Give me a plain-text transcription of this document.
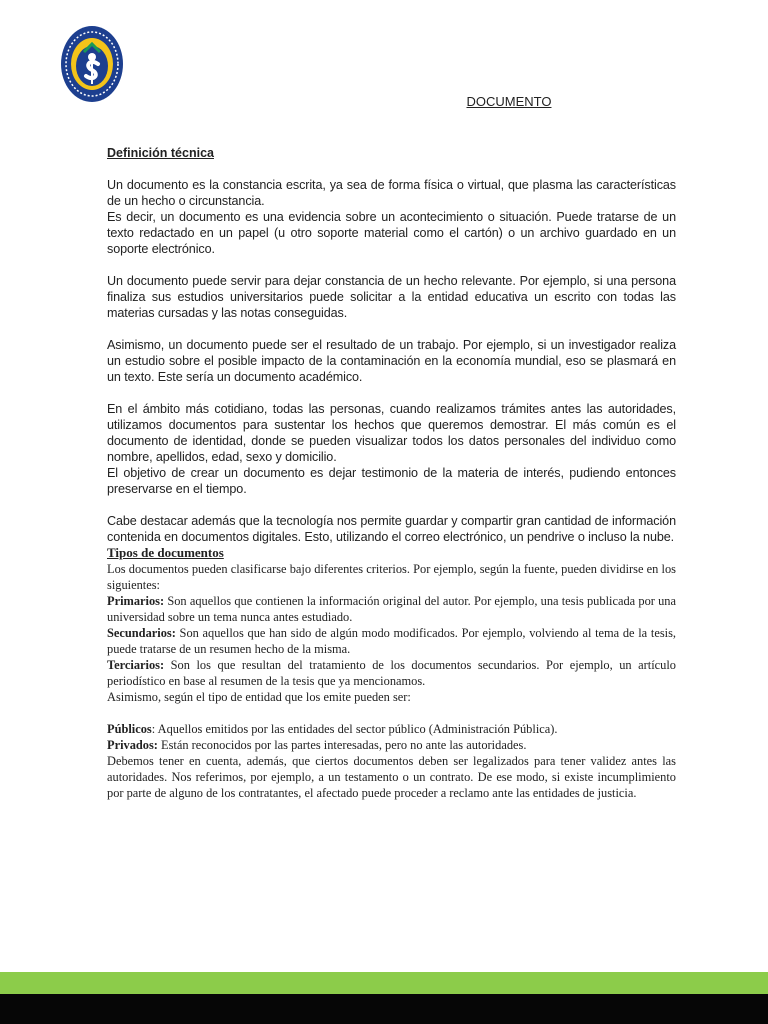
DOCUMENTO

Definición técnica

Un documento es la constancia escrita, ya sea de forma física o virtual, que plasma las características de un hecho o circunstancia.

Es decir, un documento es una evidencia sobre un acontecimiento o situación. Puede tratarse de un texto redactado en un papel (u otro soporte material como el cartón) o un archivo guardado en un soporte electrónico.

Un documento puede servir para dejar constancia de un hecho relevante. Por ejemplo, si una persona finaliza sus estudios universitarios puede solicitar a la entidad educativa un escrito con todas las materias cursadas y las notas conseguidas.

Asimismo, un documento puede ser el resultado de un trabajo. Por ejemplo, si un investigador realiza un estudio sobre el posible impacto de la contaminación en la economía mundial, eso se plasmará en un texto. Este sería un documento académico.

En el ámbito más cotidiano, todas las personas, cuando realizamos trámites antes las autoridades, utilizamos documentos para sustentar los hechos que queremos demostrar. El más común es el documento de identidad, donde se pueden visualizar todos los datos personales del individuo como nombre, apellidos, edad, sexo y domicilio.

El objetivo de crear un documento es dejar testimonio de la materia de interés, pudiendo entonces preservarse en el tiempo.

Cabe destacar además que la tecnología nos permite guardar y compartir gran cantidad de información contenida en documentos digitales. Esto, utilizando el correo electrónico, un pendrive o incluso la nube.

Tipos de documentos

Los documentos pueden clasificarse bajo diferentes criterios. Por ejemplo, según la fuente, pueden dividirse en los siguientes:

Primarios: Son aquellos que contienen la información original del autor. Por ejemplo, una tesis publicada por una universidad sobre un tema nunca antes estudiado.

Secundarios: Son aquellos que han sido de algún modo modificados. Por ejemplo, volviendo al tema de la tesis, puede tratarse de un resumen hecho de la misma.

Terciarios: Son los que resultan del tratamiento de los documentos secundarios. Por ejemplo, un artículo periodístico en base al resumen de la tesis que ya mencionamos.

Asimismo, según el tipo de entidad que los emite pueden ser:

Públicos: Aquellos emitidos por las entidades del sector público (Administración Pública).

Privados: Están reconocidos por las partes interesadas, pero no ante las autoridades.

Debemos tener en cuenta, además, que ciertos documentos deben ser legalizados para tener validez antes las autoridades. Nos referimos, por ejemplo, a un testamento o un contrato. De ese modo, si existe incumplimiento por parte de alguno de los contratantes, el afectado puede proceder a reclamo ante las entidades de justicia.
